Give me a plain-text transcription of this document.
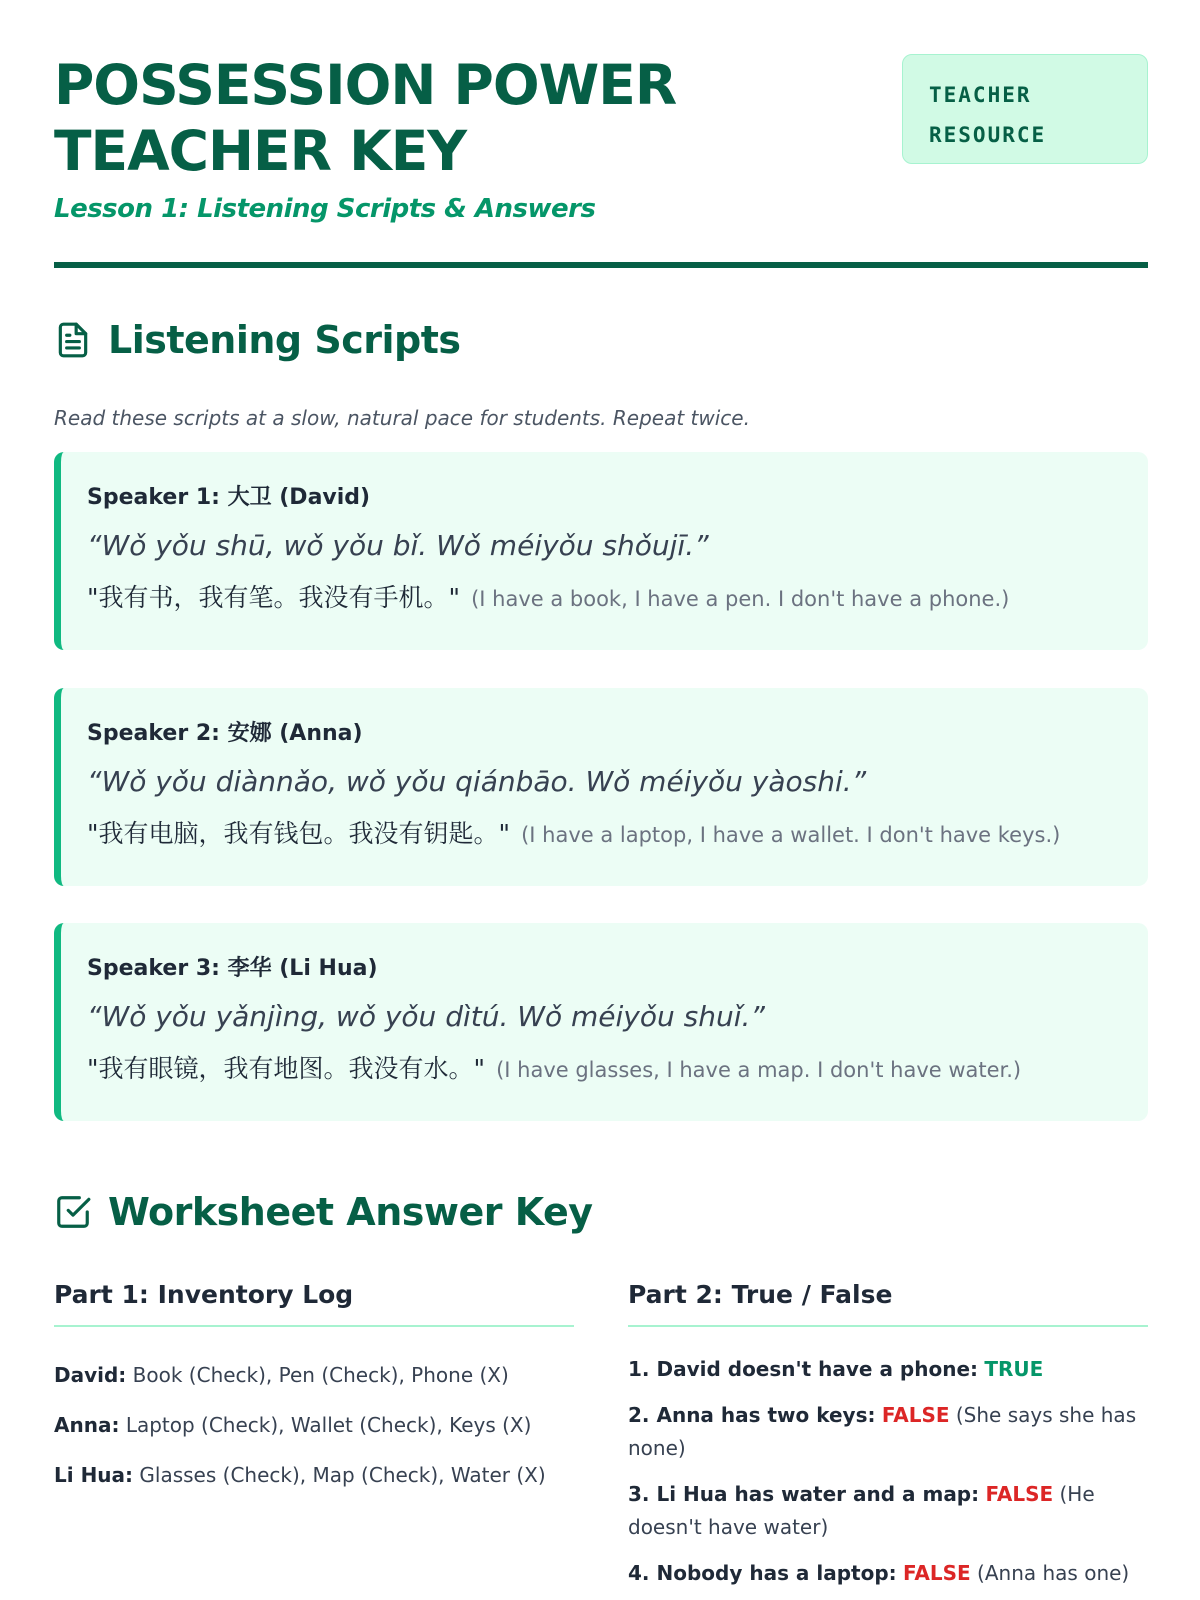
POSSESSION POWER
TEACHER KEY
Lesson 1: Listening Scripts & Answers
TEACHER
RESOURCE
Listening Scripts
Read these scripts at a slow, natural pace for students. Repeat twice.
Speaker 1: 大卫 (David)
“Wǒ yǒu shū, wǒ yǒu bǐ. Wǒ méiyǒu shǒujī.”
"我有书，我有笔。我没有手机。" (I have a book, I have a pen. I don't have a phone.)
Speaker 2: 安娜 (Anna)
“Wǒ yǒu diànnǎo, wǒ yǒu qiánbāo. Wǒ méiyǒu yàoshi.”
"我有电脑，我有钱包。我没有钥匙。" (I have a laptop, I have a wallet. I don't have keys.)
Speaker 3: 李华 (Li Hua)
“Wǒ yǒu yǎnjìng, wǒ yǒu dìtú. Wǒ méiyǒu shuǐ.”
"我有眼镜，我有地图。我没有水。" (I have glasses, I have a map. I don't have water.)
Worksheet Answer Key
Part 1: Inventory Log
David: Book (Check), Pen (Check), Phone (X)
Anna: Laptop (Check), Wallet (Check), Keys (X)
Li Hua: Glasses (Check), Map (Check), Water (X)
Part 2: True / False
1. David doesn't have a phone: TRUE
2. Anna has two keys: FALSE (She says she has none)
3. Li Hua has water and a map: FALSE (He doesn't have water)
4. Nobody has a laptop: FALSE (Anna has one)
